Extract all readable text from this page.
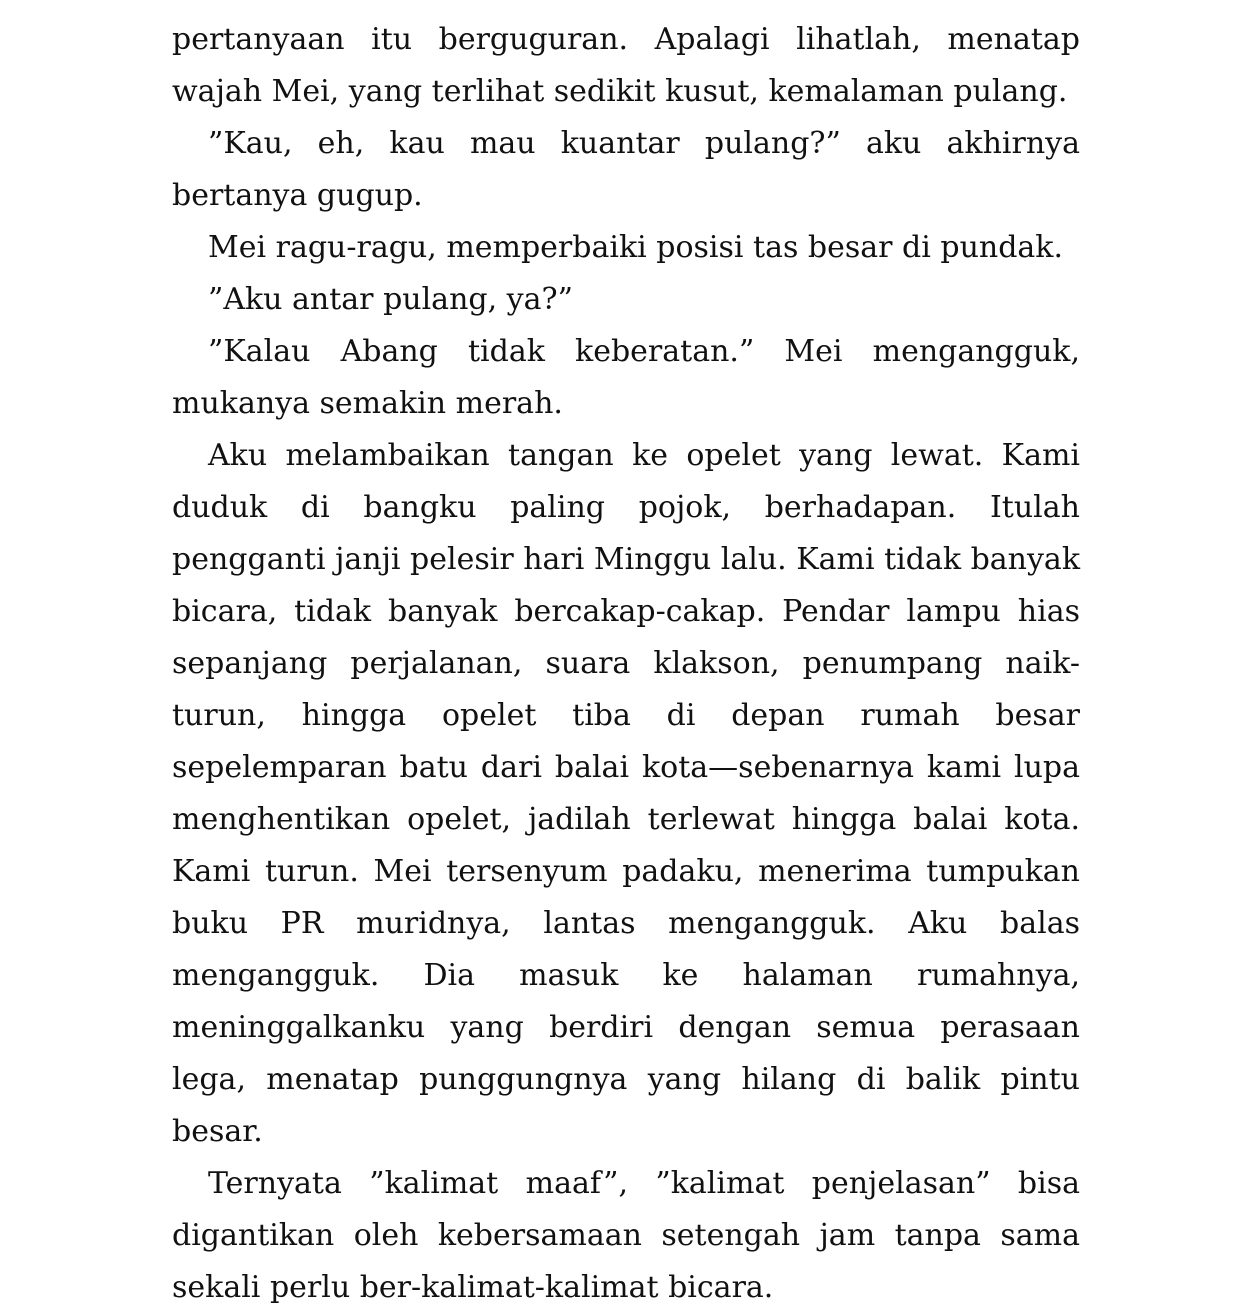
pertanyaan itu berguguran. Apalagi lihatlah, menatap wajah Mei, yang terlihat sedikit kusut, kemalaman pulang.

”Kau, eh, kau mau kuantar pulang?” aku akhirnya bertanya gugup.

Mei ragu-ragu, memperbaiki posisi tas besar di pundak.

”Aku antar pulang, ya?”

”Kalau Abang tidak keberatan.” Mei mengangguk, mukanya semakin merah.

Aku melambaikan tangan ke opelet yang lewat. Kami duduk di bangku paling pojok, berhadapan. Itulah pengganti janji pelesir hari Minggu lalu. Kami tidak banyak bicara, tidak banyak bercakap-cakap. Pendar lampu hias sepanjang perjalanan, suara klakson, penumpang naik-turun, hingga opelet tiba di depan rumah besar sepelemparan batu dari balai kota—sebenarnya kami lupa menghentikan opelet, jadilah terlewat hingga balai kota. Kami turun. Mei tersenyum padaku, menerima tumpukan buku PR muridnya, lantas mengangguk. Aku balas mengangguk. Dia masuk ke halaman rumahnya, meninggalkanku yang berdiri dengan semua perasaan lega, menatap punggungnya yang hilang di balik pintu besar.

Ternyata ”kalimat maaf”, ”kalimat penjelasan” bisa digantikan oleh kebersamaan setengah jam tanpa sama sekali perlu ber-kalimat-kalimat bicara.
